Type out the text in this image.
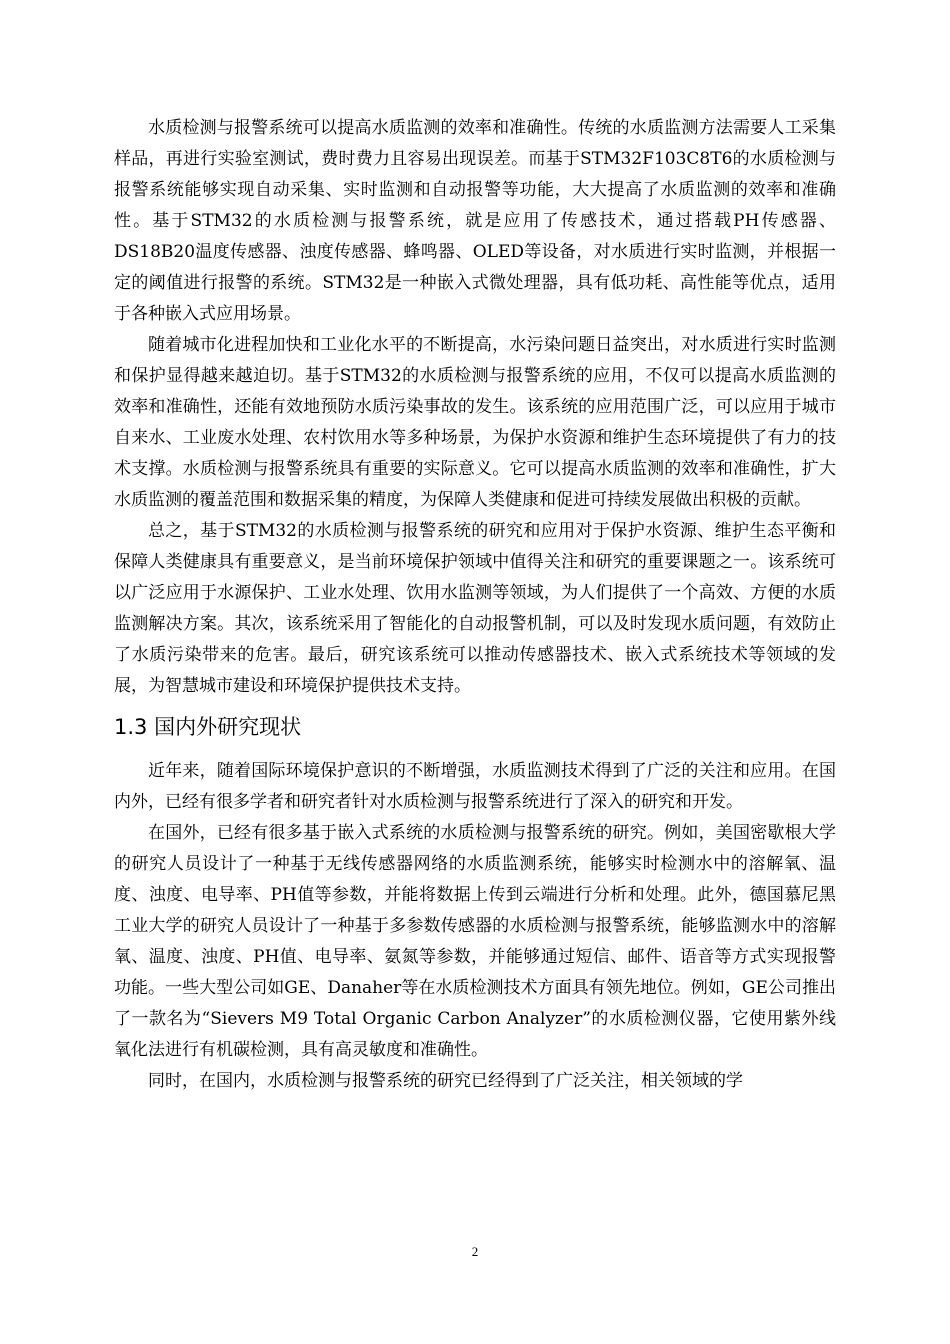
水质检测与报警系统可以提高水质监测的效率和准确性。传统的水质监测方法需要人工采集样品，再进行实验室测试，费时费力且容易出现误差。而基于STM32F103C8T6的水质检测与报警系统能够实现自动采集、实时监测和自动报警等功能，大大提高了水质监测的效率和准确性。基于STM32的水质检测与报警系统，就是应用了传感技术，通过搭载PH传感器、DS18B20温度传感器、浊度传感器、蜂鸣器、OLED等设备，对水质进行实时监测，并根据一定的阈值进行报警的系统。STM32是一种嵌入式微处理器，具有低功耗、高性能等优点，适用于各种嵌入式应用场景。

随着城市化进程加快和工业化水平的不断提高，水污染问题日益突出，对水质进行实时监测和保护显得越来越迫切。基于STM32的水质检测与报警系统的应用，不仅可以提高水质监测的效率和准确性，还能有效地预防水质污染事故的发生。该系统的应用范围广泛，可以应用于城市自来水、工业废水处理、农村饮用水等多种场景，为保护水资源和维护生态环境提供了有力的技术支撑。水质检测与报警系统具有重要的实际意义。它可以提高水质监测的效率和准确性，扩大水质监测的覆盖范围和数据采集的精度，为保障人类健康和促进可持续发展做出积极的贡献。

总之，基于STM32的水质检测与报警系统的研究和应用对于保护水资源、维护生态平衡和保障人类健康具有重要意义，是当前环境保护领域中值得关注和研究的重要课题之一。该系统可以广泛应用于水源保护、工业水处理、饮用水监测等领域，为人们提供了一个高效、方便的水质监测解决方案。其次，该系统采用了智能化的自动报警机制，可以及时发现水质问题，有效防止了水质污染带来的危害。最后，研究该系统可以推动传感器技术、嵌入式系统技术等领域的发展，为智慧城市建设和环境保护提供技术支持。

1.3 国内外研究现状

近年来，随着国际环境保护意识的不断增强，水质监测技术得到了广泛的关注和应用。在国内外，已经有很多学者和研究者针对水质检测与报警系统进行了深入的研究和开发。

在国外，已经有很多基于嵌入式系统的水质检测与报警系统的研究。例如，美国密歇根大学的研究人员设计了一种基于无线传感器网络的水质监测系统，能够实时检测水中的溶解氧、温度、浊度、电导率、PH值等参数，并能将数据上传到云端进行分析和处理。此外，德国慕尼黑工业大学的研究人员设计了一种基于多参数传感器的水质检测与报警系统，能够监测水中的溶解氧、温度、浊度、PH值、电导率、氨氮等参数，并能够通过短信、邮件、语音等方式实现报警功能。一些大型公司如GE、Danaher等在水质检测技术方面具有领先地位。例如，GE公司推出了一款名为“Sievers M9 Total Organic Carbon Analyzer”的水质检测仪器，它使用紫外线氧化法进行有机碳检测，具有高灵敏度和准确性。

同时，在国内，水质检测与报警系统的研究已经得到了广泛关注，相关领域的学

2
